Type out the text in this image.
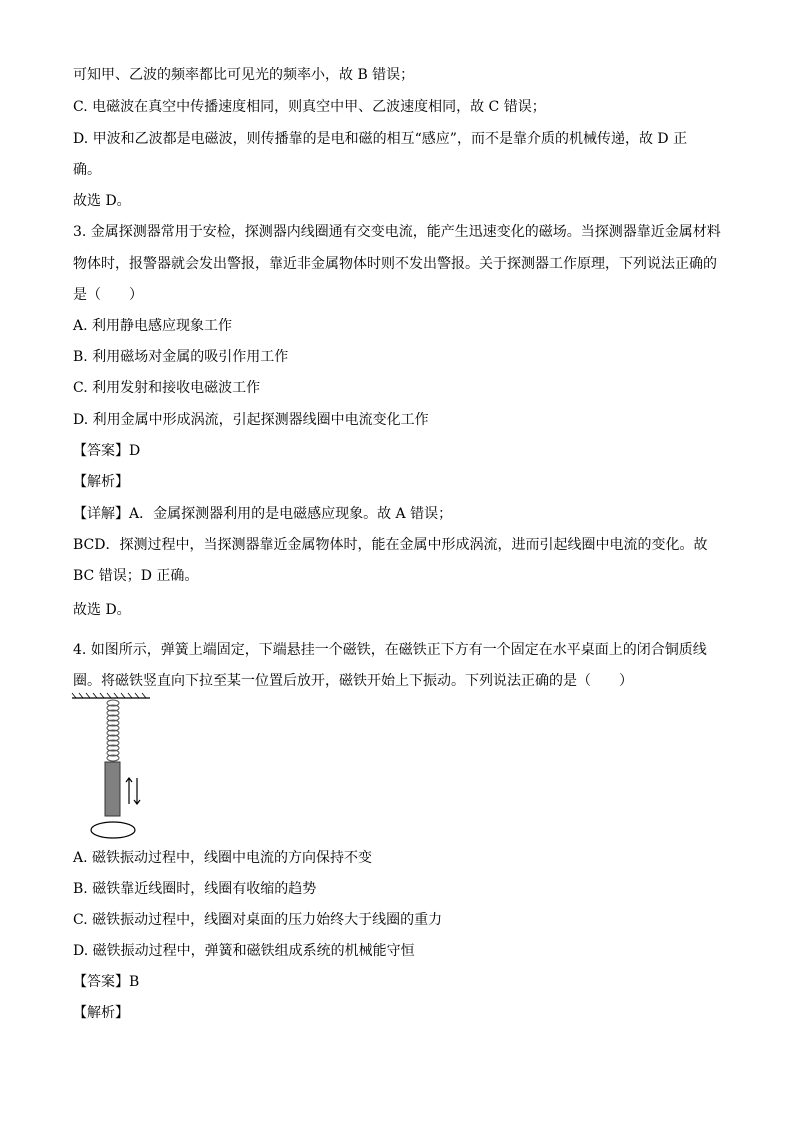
可知甲、乙波的频率都比可见光的频率小，故 B 错误；
C. 电磁波在真空中传播速度相同，则真空中甲、乙波速度相同，故 C 错误；
D. 甲波和乙波都是电磁波，则传播靠的是电和磁的相互“感应”，而不是靠介质的机械传递，故 D 正
确。
故选 D。
3. 金属探测器常用于安检，探测器内线圈通有交变电流，能产生迅速变化的磁场。当探测器靠近金属材料
物体时，报警器就会发出警报，靠近非金属物体时则不发出警报。关于探测器工作原理，下列说法正确的
是（　　）
A. 利用静电感应现象工作
B. 利用磁场对金属的吸引作用工作
C. 利用发射和接收电磁波工作
D. 利用金属中形成涡流，引起探测器线圈中电流变化工作
【答案】D
【解析】
【详解】A．金属探测器利用的是电磁感应现象。故 A 错误；
BCD．探测过程中，当探测器靠近金属物体时，能在金属中形成涡流，进而引起线圈中电流的变化。故
BC 错误；D 正确。
故选 D。
4. 如图所示，弹簧上端固定，下端悬挂一个磁铁，在磁铁正下方有一个固定在水平桌面上的闭合铜质线
圈。将磁铁竖直向下拉至某一位置后放开，磁铁开始上下振动。下列说法正确的是（　　）
A. 磁铁振动过程中，线圈中电流的方向保持不变
B. 磁铁靠近线圈时，线圈有收缩的趋势
C. 磁铁振动过程中，线圈对桌面的压力始终大于线圈的重力
D. 磁铁振动过程中，弹簧和磁铁组成系统的机械能守恒
【答案】B
【解析】
